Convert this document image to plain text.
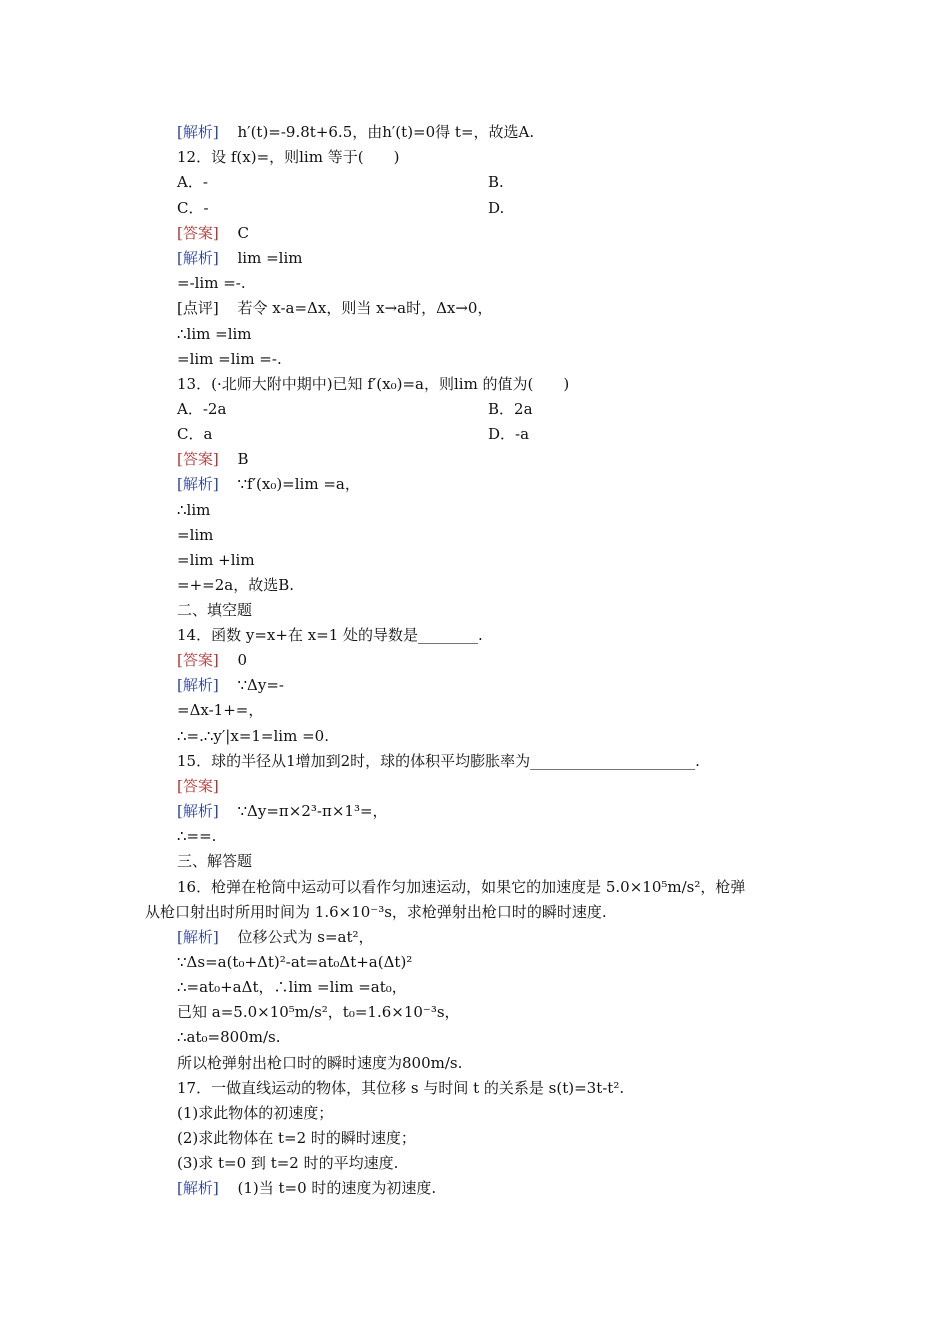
[解析] h′(t)=-9.8t+6.5，由h′(t)=0得 t=，故选A.
12．设 f(x)=，则lim 等于(　　)
A．-	B.
C．-	D.
[答案] C
[解析] lim =lim
=-lim =-.
[点评] 若令 x-a=Δx，则当 x→a时，Δx→0，
∴lim =lim
=lim =lim =-.
13．(·北师大附中期中)已知 f′(x₀)=a，则lim 的值为(　　)
A．-2a	B．2a
C．a	D．-a
[答案] B
[解析] ∵f′(x₀)=lim =a，
∴lim
=lim
=lim +lim
=+=2a，故选B.
二、填空题
14．函数 y=x+在 x=1 处的导数是________.
[答案] 0
[解析] ∵Δy=-
=Δx-1+=，
∴=.∴y′|x=1=lim =0.
15．球的半径从1增加到2时，球的体积平均膨胀率为______________________.
[答案]
[解析] ∵Δy=π×2³-π×1³=，
∴==.
三、解答题
16．枪弹在枪筒中运动可以看作匀加速运动，如果它的加速度是 5.0×10⁵m/s²，枪弹
从枪口射出时所用时间为 1.6×10⁻³s，求枪弹射出枪口时的瞬时速度.
[解析] 位移公式为 s=at²，
∵Δs=a(t₀+Δt)²-at=at₀Δt+a(Δt)²
∴=at₀+aΔt，∴lim =lim =at₀，
已知 a=5.0×10⁵m/s²，t₀=1.6×10⁻³s，
∴at₀=800m/s.
所以枪弹射出枪口时的瞬时速度为800m/s.
17．一做直线运动的物体，其位移 s 与时间 t 的关系是 s(t)=3t-t².
(1)求此物体的初速度；
(2)求此物体在 t=2 时的瞬时速度；
(3)求 t=0 到 t=2 时的平均速度.
[解析] (1)当 t=0 时的速度为初速度.
